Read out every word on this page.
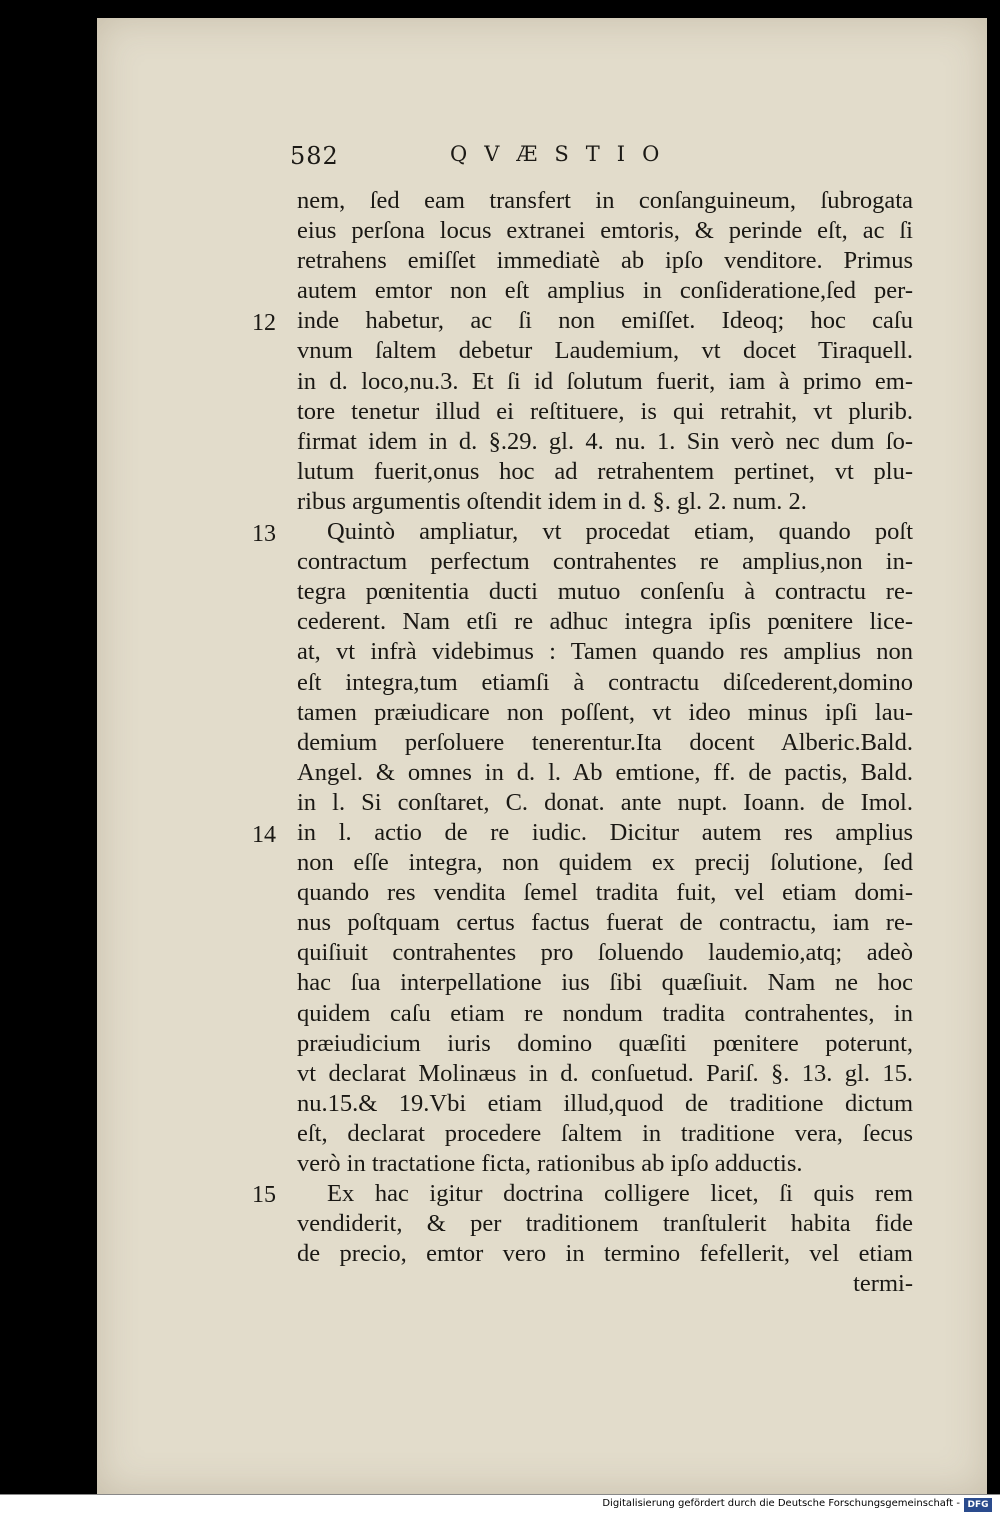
582	QVÆSTIO
12
13
14
15
nem, ſed eam transfert in conſanguineum, ſubrogata
eius perſona locus extranei emtoris, & perinde eſt, ac ſi
retrahens emiſſet immediatè ab ipſo venditore. Primus
autem emtor non eſt amplius in conſideratione,ſed per-
inde habetur, ac ſi non emiſſet. Ideoq; hoc caſu
vnum ſaltem debetur Laudemium, vt docet Tiraquell.
in d. loco,nu.3. Et ſi id ſolutum fuerit, iam à primo em-
tore tenetur illud ei reſtituere, is qui retrahit, vt plurib.
firmat idem in d. §.29. gl. 4. nu. 1. Sin verò nec dum ſo-
lutum fuerit,onus hoc ad retrahentem pertinet, vt plu-
ribus argumentis oſtendit idem in d. §. gl. 2. num. 2.
Quintò ampliatur, vt procedat etiam, quando poſt
contractum perfectum contrahentes re amplius,non in-
tegra pœnitentia ducti mutuo conſenſu à contractu re-
cederent. Nam etſi re adhuc integra ipſis pœnitere lice-
at, vt infrà videbimus : Tamen quando res amplius non
eſt integra,tum etiamſi à contractu diſcederent,domino
tamen præiudicare non poſſent, vt ideo minus ipſi lau-
demium perſoluere tenerentur.Ita docent Alberic.Bald.
Angel. & omnes in d. l. Ab emtione, ff. de pactis, Bald.
in l. Si conſtaret, C. donat. ante nupt. Ioann. de Imol.
in l. actio de re iudic. Dicitur autem res amplius
non eſſe integra, non quidem ex precij ſolutione, ſed
quando res vendita ſemel tradita fuit, vel etiam domi-
nus poſtquam certus factus fuerat de contractu, iam re-
quiſiuit contrahentes pro ſoluendo laudemio,atq; adeò
hac ſua interpellatione ius ſibi quæſiuit. Nam ne hoc
quidem caſu etiam re nondum tradita contrahentes, in
præiudicium iuris domino quæſiti pœnitere poterunt,
vt declarat Molinæus in d. conſuetud. Pariſ. §. 13. gl. 15.
nu.15.& 19.Vbi etiam illud,quod de traditione dictum
eſt, declarat procedere ſaltem in traditione vera, ſecus
verò in tractatione ficta, rationibus ab ipſo adductis.
Ex hac igitur doctrina colligere licet, ſi quis rem
vendiderit, & per traditionem tranſtulerit habita fide
de precio, emtor vero in termino fefellerit, vel etiam
termi-
Digitalisierung gefördert durch die Deutsche Forschungsgemeinschaft - DFG
